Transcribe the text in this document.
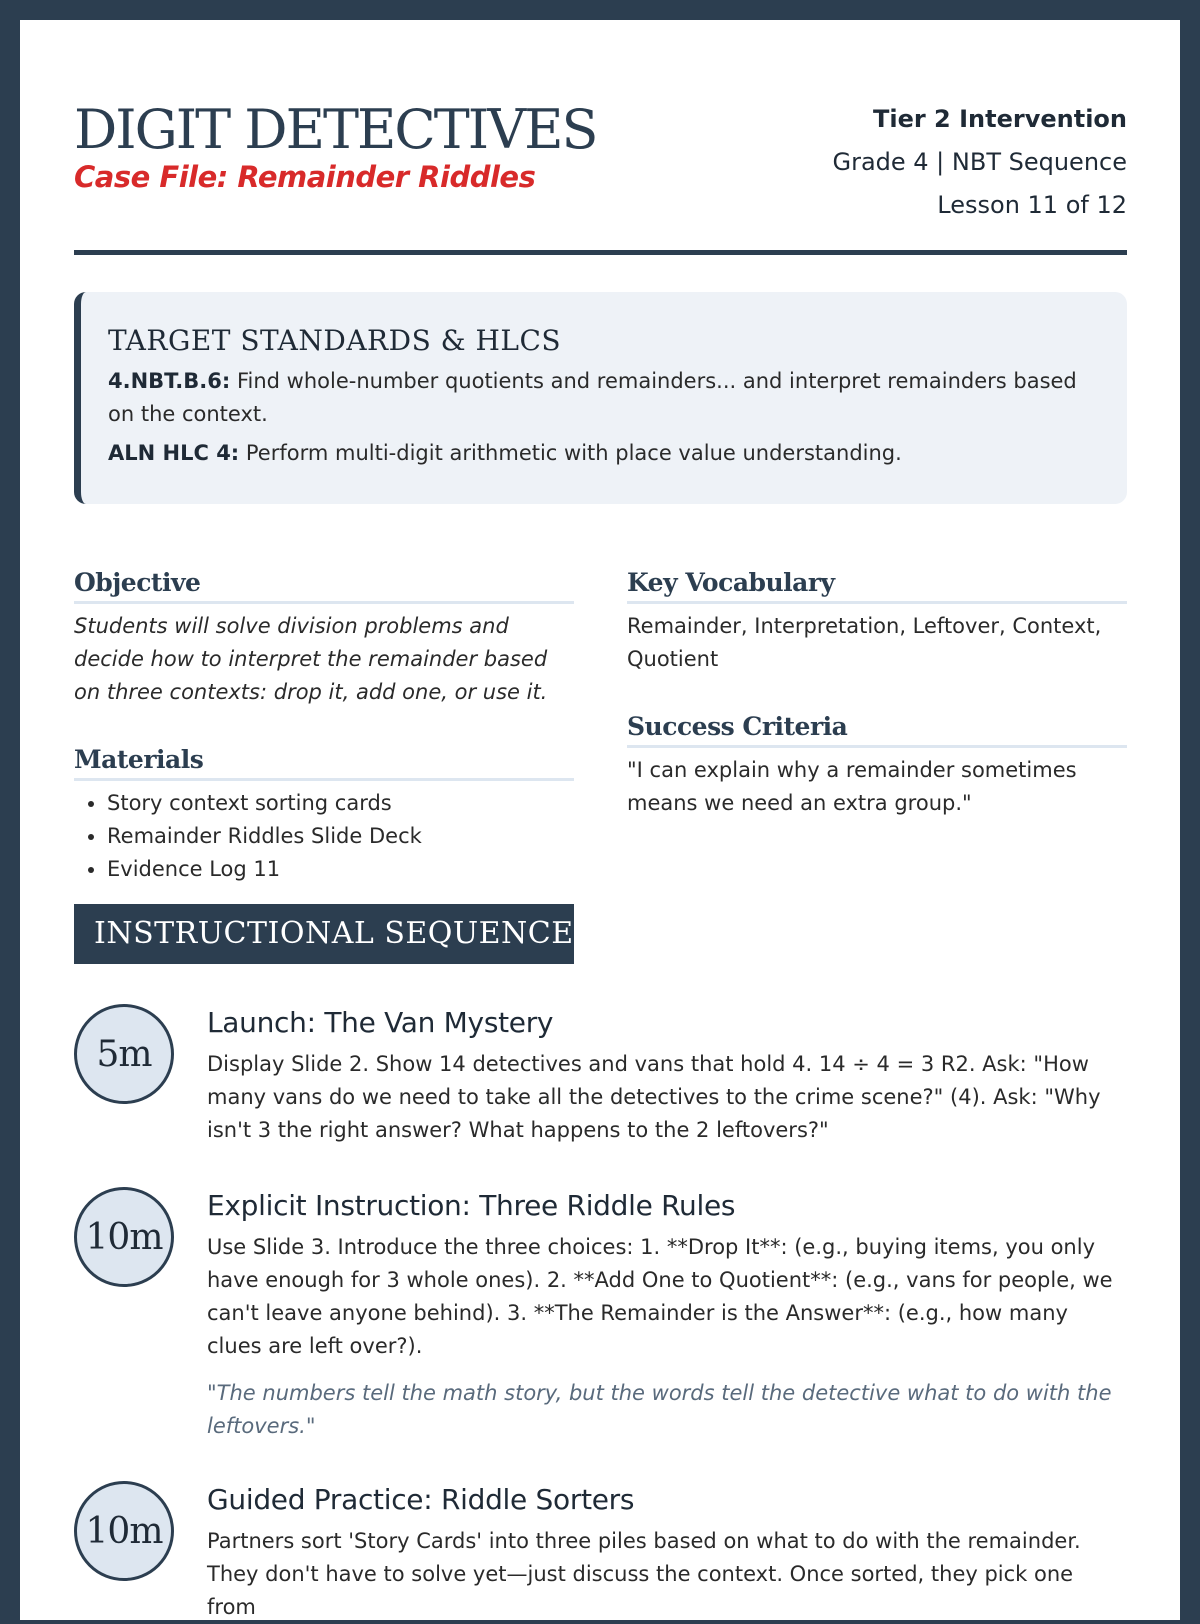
DIGIT DETECTIVES
Case File: Remainder Riddles
Tier 2 Intervention
Grade 4 | NBT Sequence
Lesson 11 of 12
TARGET STANDARDS & HLCS

4.NBT.B.6: Find whole-number quotients and remainders... and interpret remainders based on the context.

ALN HLC 4: Perform multi-digit arithmetic with place value understanding.

Objective

Students will solve division problems and decide how to interpret the remainder based on three contexts: drop it, add one, or use it.

Materials
• Story context sorting cards
• Remainder Riddles Slide Deck
• Evidence Log 11
Key Vocabulary

Remainder, Interpretation, Leftover, Context, Quotient

Success Criteria

"I can explain why a remainder sometimes means we need an extra group."

INSTRUCTIONAL SEQUENCE
5m
Launch: The Van Mystery

Display Slide 2. Show 14 detectives and vans that hold 4. 14 ÷ 4 = 3 R2. Ask: "How many vans do we need to take all the detectives to the crime scene?" (4). Ask: "Why isn't 3 the right answer? What happens to the 2 leftovers?"

10m
Explicit Instruction: Three Riddle Rules

Use Slide 3. Introduce the three choices: 1. **Drop It**: (e.g., buying items, you only have enough for 3 whole ones). 2. **Add One to Quotient**: (e.g., vans for people, we can't leave anyone behind). 3. **The Remainder is the Answer**: (e.g., how many clues are left over?).

"The numbers tell the math story, but the words tell the detective what to do with the leftovers."

10m
Guided Practice: Riddle Sorters

Partners sort 'Story Cards' into three piles based on what to do with the remainder. They don't have to solve yet—just discuss the context. Once sorted, they pick one from
